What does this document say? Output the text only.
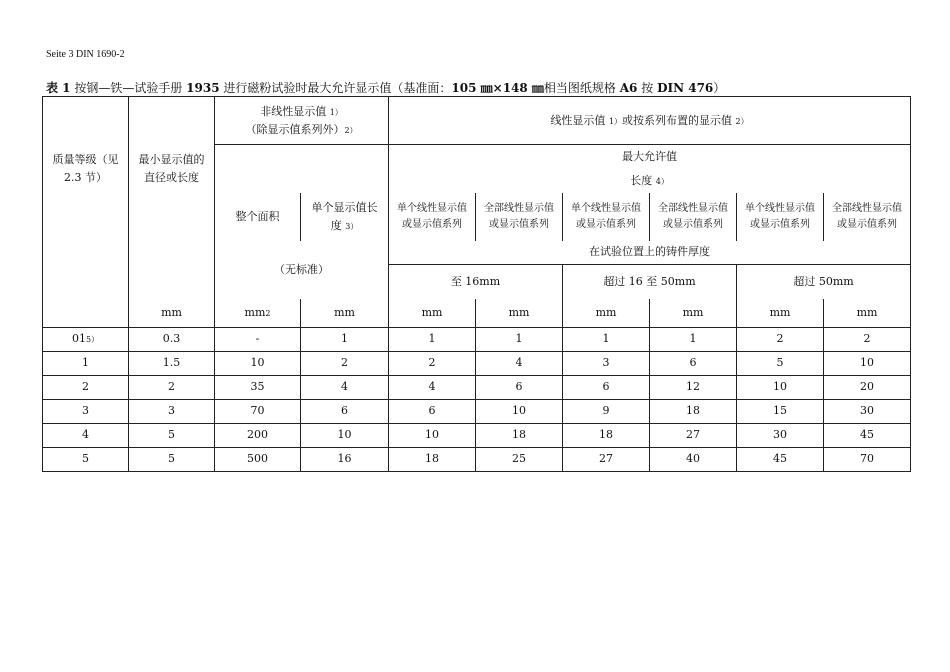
Seite 3 DIN 1690-2
表 1 按钢—铁—试验手册 1935 进行磁粉试验时最大允许显示值（基准面：105 ㎜×148 ㎜相当图纸规格 A6 按 DIN 476）
质量等级（见 2.3 节）	最小显示值的直径或长度	非线性显示值 1）
（除显示值系列外）2）		线性显示值 1）或按系列布置的显示值 2）					
				最大允许值					
				长度 4）					
		整个面积	单个显示值长度 3）	单个线性显示值或显示值系列	全部线性显示值或显示值系列	单个线性显示值或显示值系列	全部线性显示值或显示值系列	单个线性显示值或显示值系列	全部线性显示值或显示值系列
		（无标准）		在试验位置上的铸件厚度					
				至 16mm		超过 16 至 50mm		超过 50mm	
	mm	mm2	mm	mm	mm	mm	mm	mm	mm
015）	0.3	-	1	1	1	1	1	2	2
1	1.5	10	2	2	4	3	6	5	10
2	2	35	4	4	6	6	12	10	20
3	3	70	6	6	10	9	18	15	30
4	5	200	10	10	18	18	27	30	45
5	5	500	16	18	25	27	40	45	70
